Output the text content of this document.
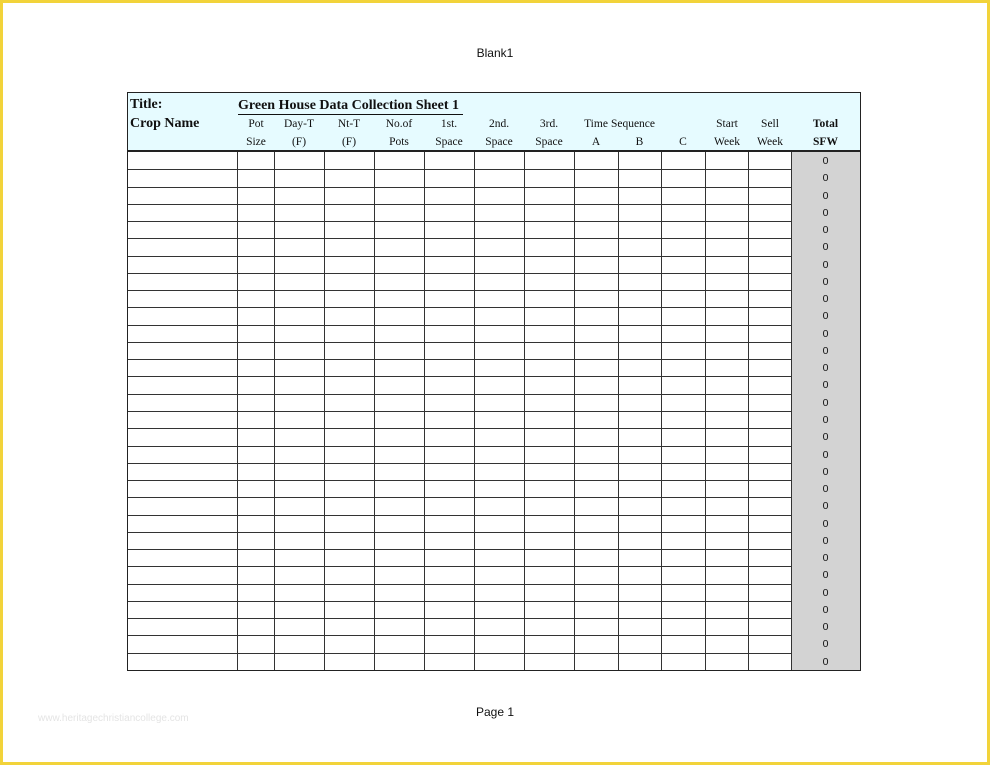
Blank1
Title:
Crop Name
Green House Data Collection Sheet 1
Pot
Size
Day-T
(F)
Nt-T
(F)
No.of
Pots
1st.
Space
2nd.
Space
3rd.
Space
Time
A
Sequence
B	C
Start
Week
Sell
Week
Total
SFW
0
0
0
0
0
0
0
0
0
0
0
0
0
0
0
0
0
0
0
0
0
0
0
0
0
0
0
0
0
0
Page 1
www.heritagechristiancollege.com
